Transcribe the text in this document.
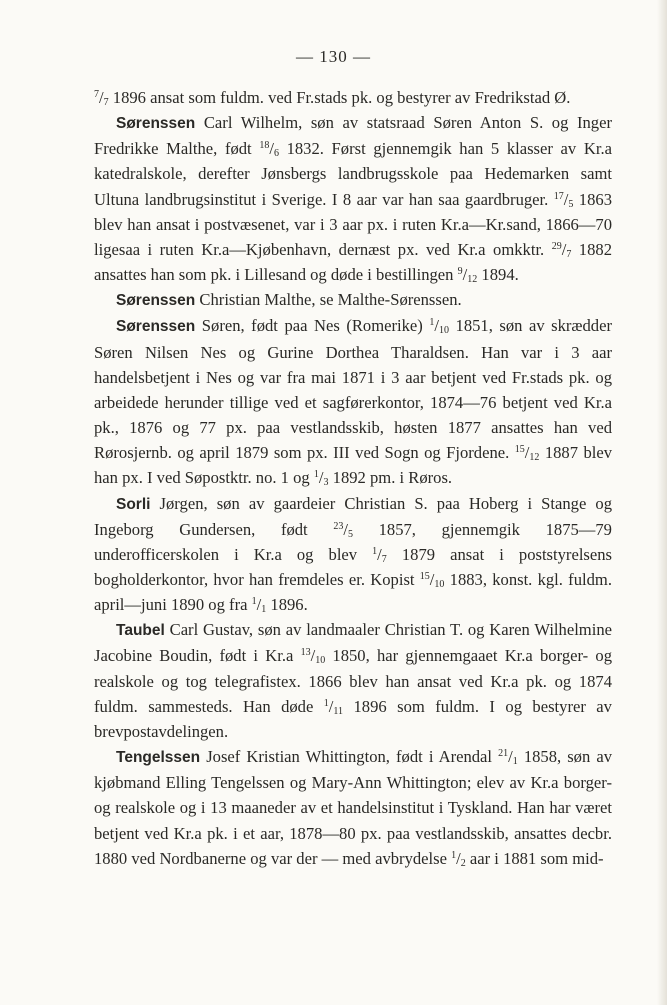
— 130 —

$^7/_7$ 1896 ansat som fuldm. ved Fr.stads pk. og bestyrer av Fredrikstad Ø.

Sørenssen Carl Wilhelm, søn av statsraad Søren Anton S. og Inger Fredrikke Malthe, født $^{18}/_6$ 1832. Først gjennemgik han 5 klasser av Kr.a katedralskole, derefter Jønsbergs landbrugsskole paa Hedemarken samt Ultuna landbrugsinstitut i Sverige. I 8 aar var han saa gaardbruger. $^{17}/_5$ 1863 blev han ansat i postvæsenet, var i 3 aar px. i ruten Kr.a—Kr.sand, 1866—70 ligesaa i ruten Kr.a—Kjøbenhavn, dernæst px. ved Kr.a omkktr. $^{29}/_7$ 1882 ansattes han som pk. i Lillesand og døde i bestillingen $^9/_{12}$ 1894.

Sørenssen Christian Malthe, se Malthe-Sørenssen.

Sørenssen Søren, født paa Nes (Romerike) $^1/_{10}$ 1851, søn av skrædder Søren Nilsen Nes og Gurine Dorthea Tharaldsen. Han var i 3 aar handelsbetjent i Nes og var fra mai 1871 i 3 aar betjent ved Fr.stads pk. og arbeidede herunder tillige ved et sagførerkontor, 1874—76 betjent ved Kr.a pk., 1876 og 77 px. paa vestlandsskib, høsten 1877 ansattes han ved Rørosjernb. og april 1879 som px. III ved Sogn og Fjordene. $^{15}/_{12}$ 1887 blev han px. I ved Søpostktr. no. 1 og $^1/_3$ 1892 pm. i Røros.

Sorli Jørgen, søn av gaardeier Christian S. paa Hoberg i Stange og Ingeborg Gundersen, født	$^{23}/_5$ 1857, gjennemgik 1875—79 underofficerskolen i Kr.a og blev $^1/_7$ 1879 ansat i poststyrelsens bogholderkontor, hvor han fremdeles er. Kopist $^{15}/_{10}$ 1883, konst. kgl. fuldm. april—juni 1890 og fra $^1/_1$ 1896.

Taubel Carl Gustav, søn av landmaaler Christian T. og Karen Wilhelmine Jacobine Boudin, født i Kr.a $^{13}/_{10}$ 1850, har gjennemgaaet Kr.a borger- og realskole og tog telegrafistex. 1866 blev han ansat ved Kr.a pk. og 1874 fuldm. sammesteds. Han døde $^1/_{11}$ 1896 som fuldm. I og bestyrer av brevpostavdelingen.

Tengelssen Josef Kristian Whittington, født i Arendal $^{21}/_1$ 1858, søn av kjøbmand Elling Tengelssen og Mary-Ann Whittington; elev av Kr.a borger- og realskole og i 13 maaneder av et handelsinstitut i Tyskland. Han har været betjent ved Kr.a pk. i et aar, 1878—80 px. paa vestlandsskib, ansattes decbr. 1880 ved Nordbanerne og var der — med avbrydelse $^1/_2$ aar i 1881 som mid-
